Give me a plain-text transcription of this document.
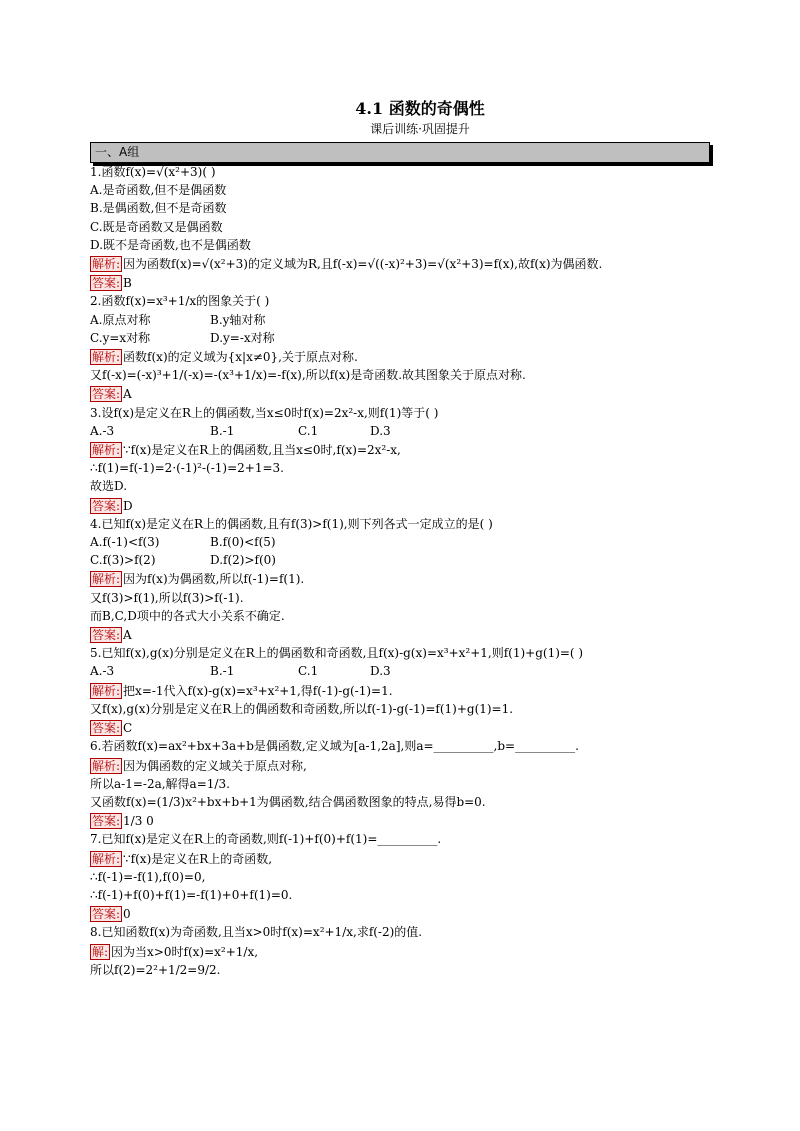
4.1 函数的奇偶性
课后训练·巩固提升
一、A组
1.函数f(x)=√(x²+3)( )
A.是奇函数,但不是偶函数
B.是偶函数,但不是奇函数
C.既是奇函数又是偶函数
D.既不是奇函数,也不是偶函数
解析: 因为函数f(x)=√(x²+3)的定义域为R,且f(-x)=√((-x)²+3)=√(x²+3)=f(x),故f(x)为偶函数.
答案: B
2.函数f(x)=x³+1/x的图象关于( )
A.原点对称	B.y轴对称
C.y=x对称	D.y=-x对称
解析: 函数f(x)的定义域为{x|x≠0},关于原点对称.
又f(-x)=(-x)³+1/(-x)=-(x³+1/x)=-f(x),所以f(x)是奇函数.故其图象关于原点对称.
答案: A
3.设f(x)是定义在R上的偶函数,当x≤0时f(x)=2x²-x,则f(1)等于( )
A.-3	B.-1	C.1	D.3
解析: ∵f(x)是定义在R上的偶函数,且当x≤0时,f(x)=2x²-x,
∴f(1)=f(-1)=2·(-1)²-(-1)=2+1=3.
故选D.
答案: D
4.已知f(x)是定义在R上的偶函数,且有f(3)>f(1),则下列各式一定成立的是( )
A.f(-1)<f(3)	B.f(0)<f(5)
C.f(3)>f(2)	D.f(2)>f(0)
解析: 因为f(x)为偶函数,所以f(-1)=f(1).
又f(3)>f(1),所以f(3)>f(-1).
而B,C,D项中的各式大小关系不确定.
答案: A
5.已知f(x),g(x)分别是定义在R上的偶函数和奇函数,且f(x)-g(x)=x³+x²+1,则f(1)+g(1)=( )
A.-3	B.-1	C.1	D.3
解析: 把x=-1代入f(x)-g(x)=x³+x²+1,得f(-1)-g(-1)=1.
又f(x),g(x)分别是定义在R上的偶函数和奇函数,所以f(-1)-g(-1)=f(1)+g(1)=1.
答案: C
6.若函数f(x)=ax²+bx+3a+b是偶函数,定义域为[a-1,2a],则a=__________,b=__________.
解析: 因为偶函数的定义域关于原点对称,
所以a-1=-2a,解得a=1/3.
又函数f(x)=(1/3)x²+bx+b+1为偶函数,结合偶函数图象的特点,易得b=0.
答案: 1/3 0
7.已知f(x)是定义在R上的奇函数,则f(-1)+f(0)+f(1)=__________.
解析: ∵f(x)是定义在R上的奇函数,
∴f(-1)=-f(1),f(0)=0,
∴f(-1)+f(0)+f(1)=-f(1)+0+f(1)=0.
答案: 0
8.已知函数f(x)为奇函数,且当x>0时f(x)=x²+1/x,求f(-2)的值.
解: 因为当x>0时f(x)=x²+1/x,
所以f(2)=2²+1/2=9/2.
